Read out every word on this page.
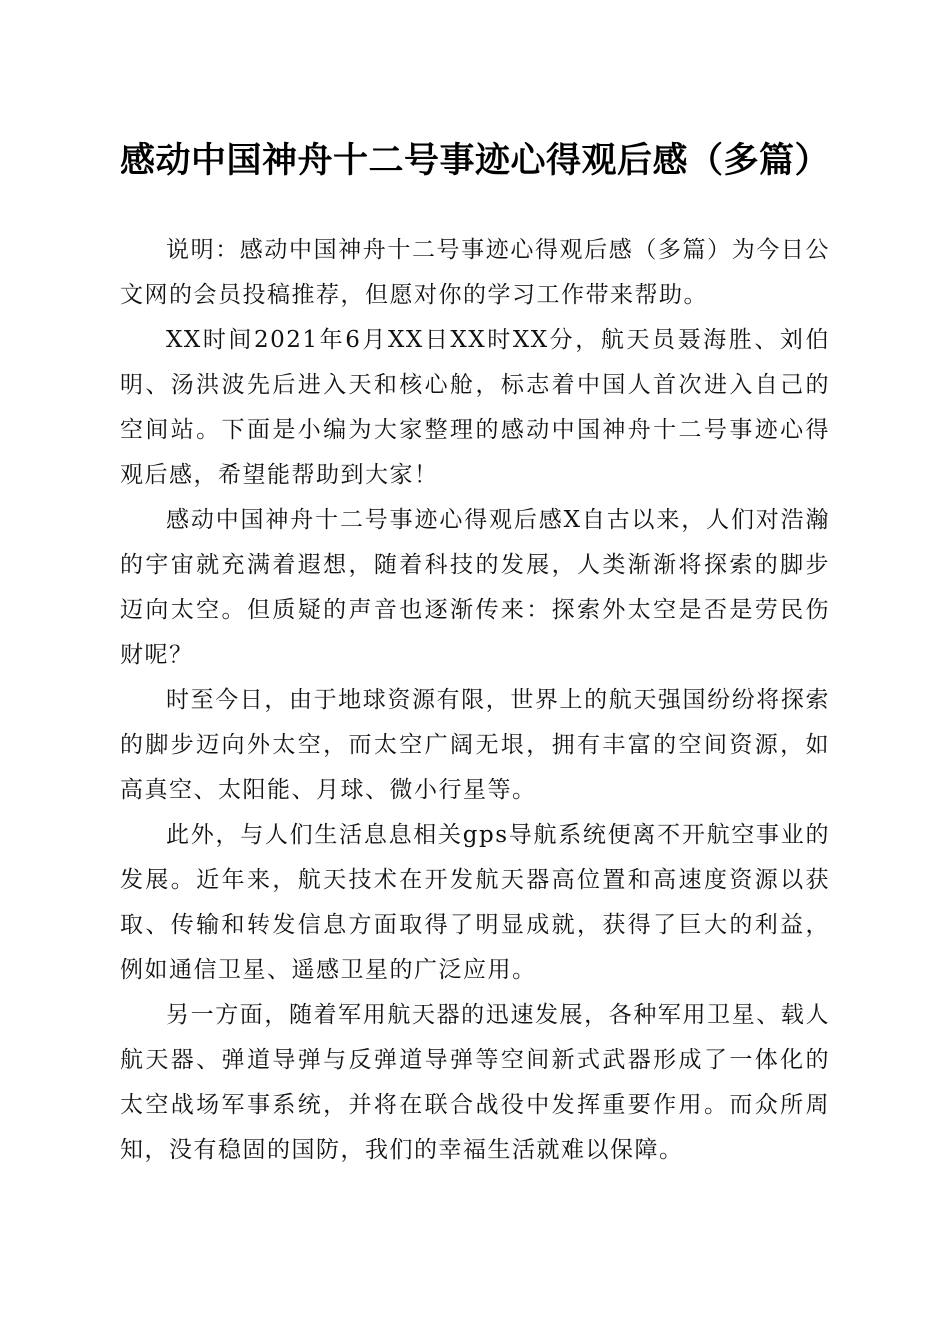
感动中国神舟十二号事迹心得观后感（多篇）

说明：感动中国神舟十二号事迹心得观后感（多篇）为今日公文网的会员投稿推荐，但愿对你的学习工作带来帮助。

XX时间2021年6月XX日XX时XX分，航天员聂海胜、刘伯明、汤洪波先后进入天和核心舱，标志着中国人首次进入自己的空间站。下面是小编为大家整理的感动中国神舟十二号事迹心得观后感，希望能帮助到大家！

感动中国神舟十二号事迹心得观后感X自古以来，人们对浩瀚的宇宙就充满着遐想，随着科技的发展，人类渐渐将探索的脚步迈向太空。但质疑的声音也逐渐传来：探索外太空是否是劳民伤财呢？

时至今日，由于地球资源有限，世界上的航天强国纷纷将探索的脚步迈向外太空，而太空广阔无垠，拥有丰富的空间资源，如高真空、太阳能、月球、微小行星等。

此外，与人们生活息息相关gps导航系统便离不开航空事业的发展。近年来，航天技术在开发航天器高位置和高速度资源以获取、传输和转发信息方面取得了明显成就，获得了巨大的利益，例如通信卫星、遥感卫星的广泛应用。

另一方面，随着军用航天器的迅速发展，各种军用卫星、载人航天器、弹道导弹与反弹道导弹等空间新式武器形成了一体化的太空战场军事系统，并将在联合战役中发挥重要作用。而众所周知，没有稳固的国防，我们的幸福生活就难以保障。
